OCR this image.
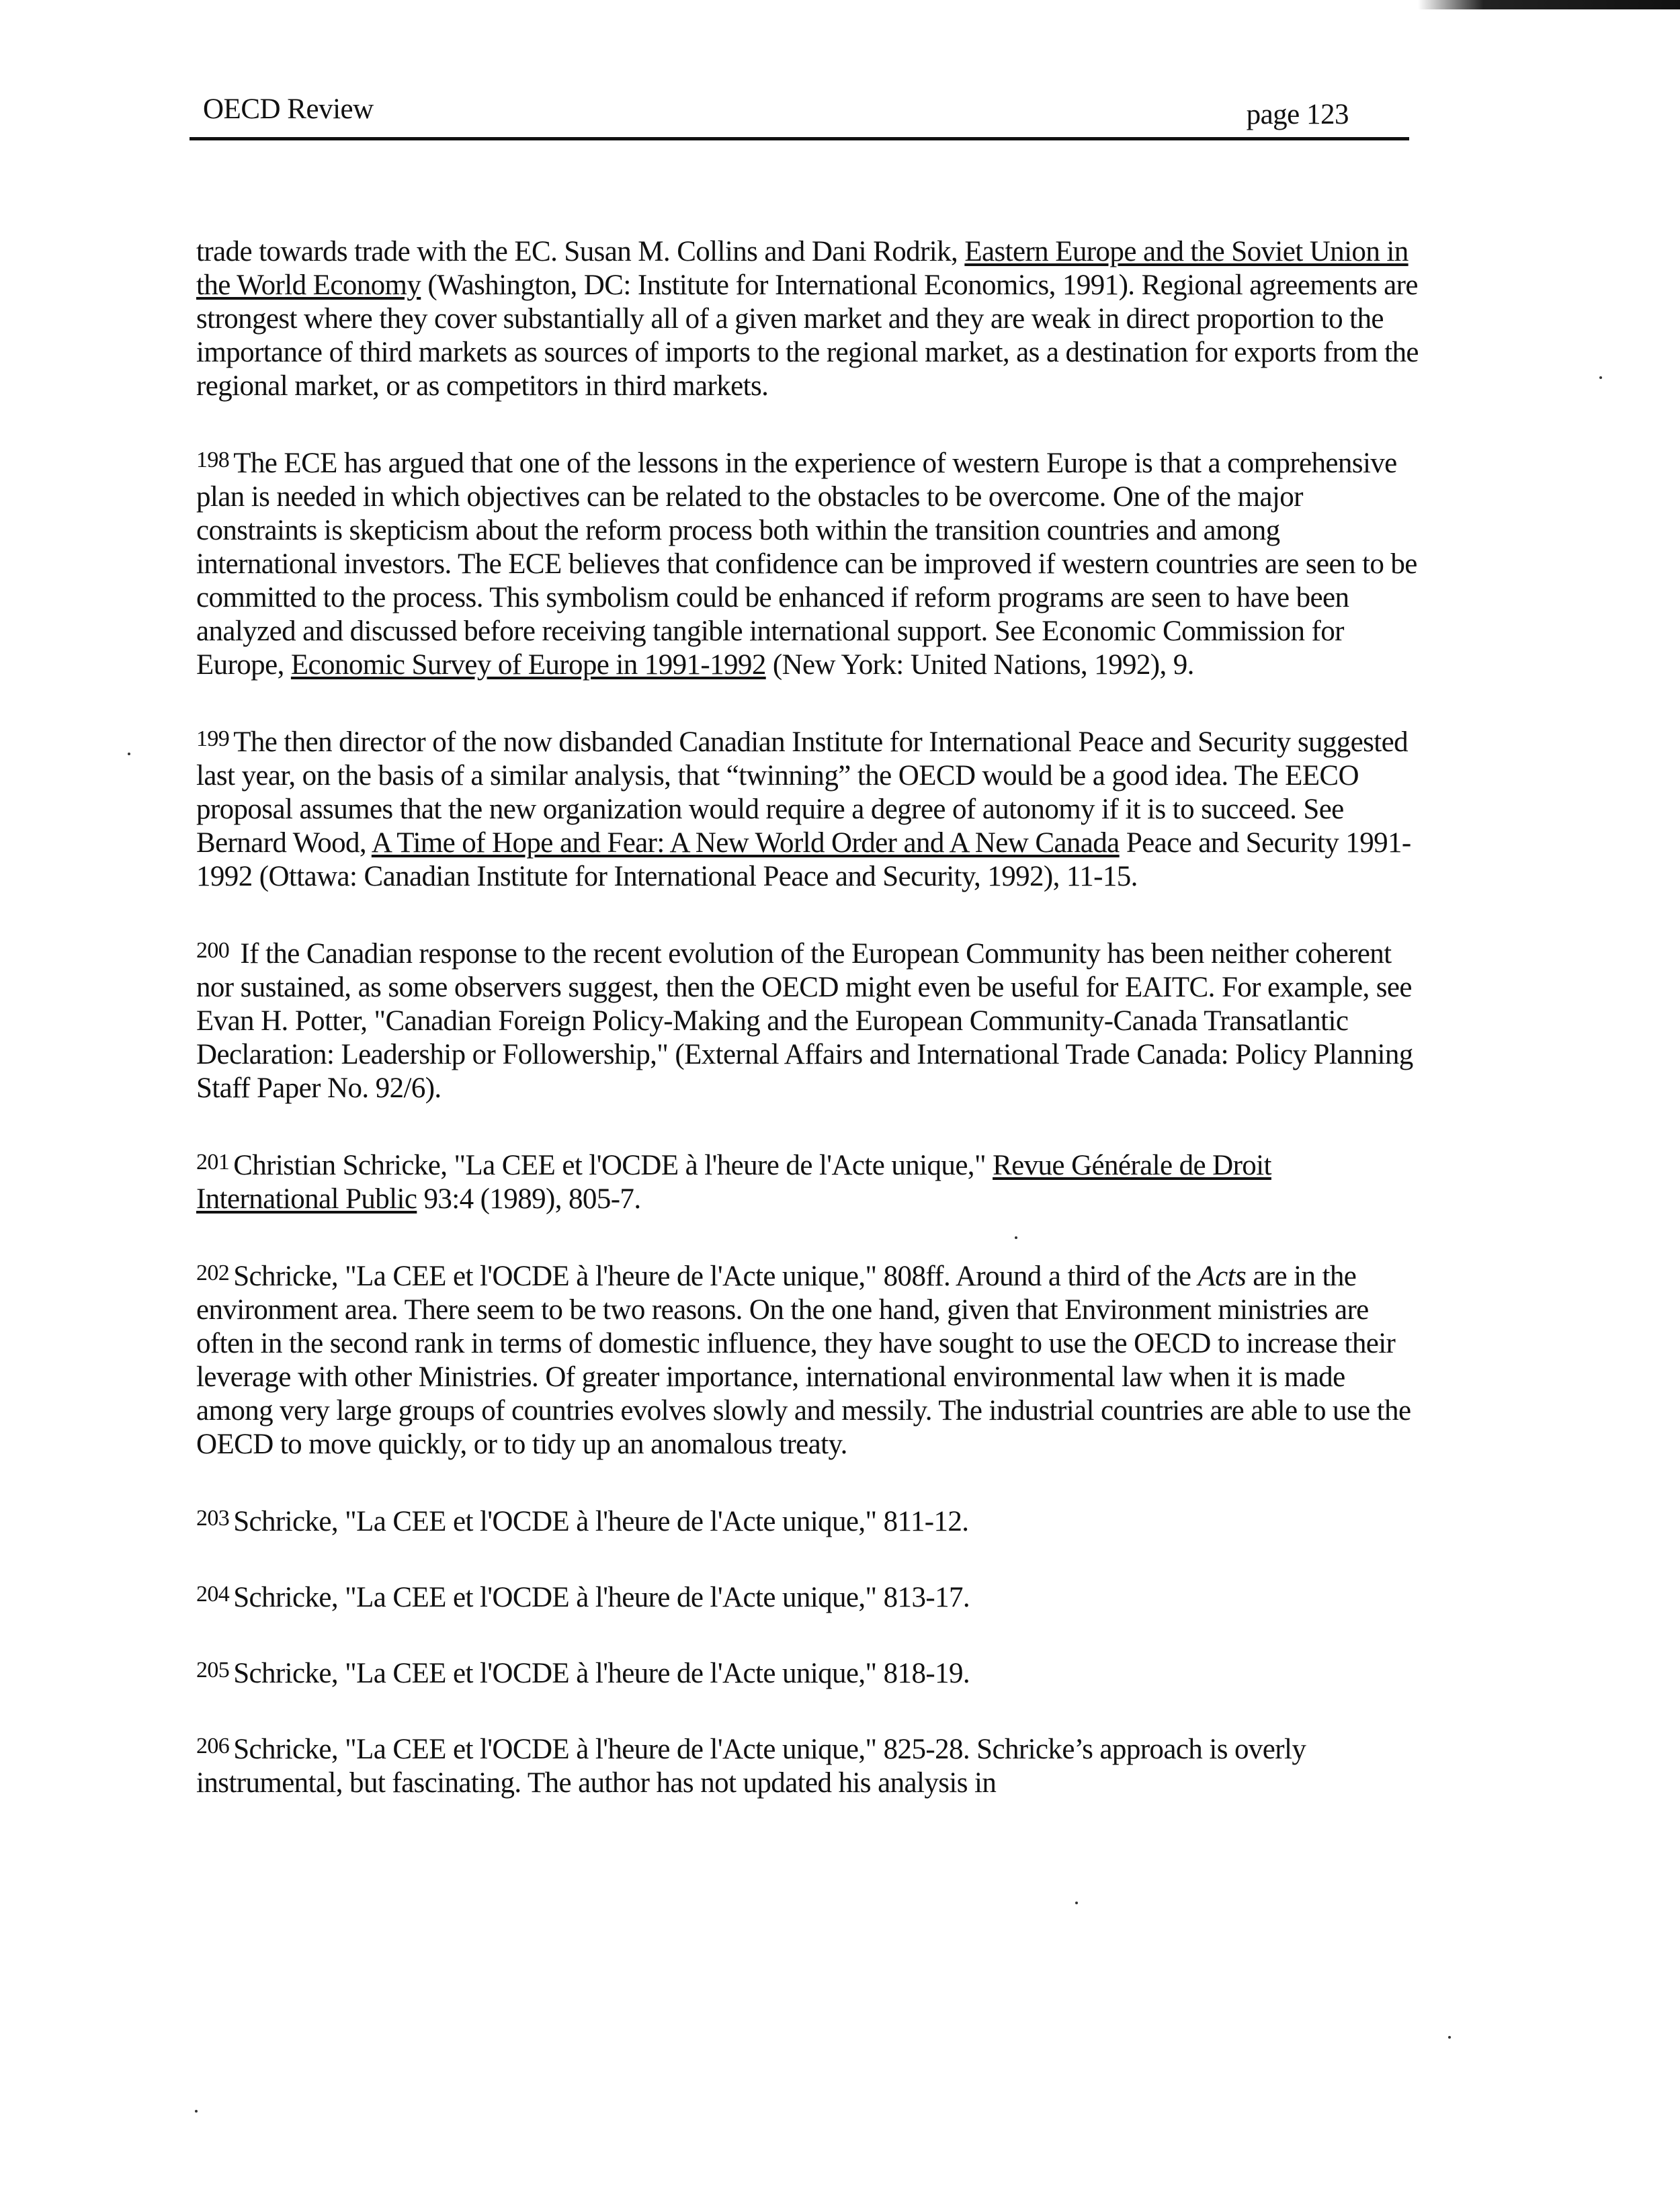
OECD Review	page 123

trade towards trade with the EC. Susan M. Collins and Dani Rodrik, Eastern Europe and the Soviet Union in the World Economy (Washington, DC: Institute for International Economics, 1991). Regional agreements are strongest where they cover substantially all of a given market and they are weak in direct proportion to the importance of third markets as sources of imports to the regional market, as a destination for exports from the regional market, or as competitors in third markets.

198 The ECE has argued that one of the lessons in the experience of western Europe is that a comprehensive plan is needed in which objectives can be related to the obstacles to be overcome. One of the major constraints is skepticism about the reform process both within the transition countries and among international investors. The ECE believes that confidence can be improved if western countries are seen to be committed to the process. This symbolism could be enhanced if reform programs are seen to have been analyzed and discussed before receiving tangible international support. See Economic Commission for Europe, Economic Survey of Europe in 1991-1992 (New York: United Nations, 1992), 9.

199 The then director of the now disbanded Canadian Institute for International Peace and Security suggested last year, on the basis of a similar analysis, that “twinning” the OECD would be a good idea. The EECO proposal assumes that the new organization would require a degree of autonomy if it is to succeed. See Bernard Wood, A Time of Hope and Fear: A New World Order and A New Canada Peace and Security 1991-1992 (Ottawa: Canadian Institute for International Peace and Security, 1992), 11-15.

200 If the Canadian response to the recent evolution of the European Community has been neither coherent nor sustained, as some observers suggest, then the OECD might even be useful for EAITC. For example, see Evan H. Potter, "Canadian Foreign Policy-Making and the European Community-Canada Transatlantic Declaration: Leadership or Followership," (External Affairs and International Trade Canada: Policy Planning Staff Paper No. 92/6).

201 Christian Schricke, "La CEE et l'OCDE à l'heure de l'Acte unique," Revue Générale de Droit International Public 93:4 (1989), 805-7.

202 Schricke, "La CEE et l'OCDE à l'heure de l'Acte unique," 808ff. Around a third of the Acts are in the environment area. There seem to be two reasons. On the one hand, given that Environment ministries are often in the second rank in terms of domestic influence, they have sought to use the OECD to increase their leverage with other Ministries. Of greater importance, international environmental law when it is made among very large groups of countries evolves slowly and messily. The industrial countries are able to use the OECD to move quickly, or to tidy up an anomalous treaty.

203 Schricke, "La CEE et l'OCDE à l'heure de l'Acte unique," 811-12.

204 Schricke, "La CEE et l'OCDE à l'heure de l'Acte unique," 813-17.

205 Schricke, "La CEE et l'OCDE à l'heure de l'Acte unique," 818-19.

206 Schricke, "La CEE et l'OCDE à l'heure de l'Acte unique," 825-28. Schricke’s approach is overly instrumental, but fascinating. The author has not updated his analysis in
